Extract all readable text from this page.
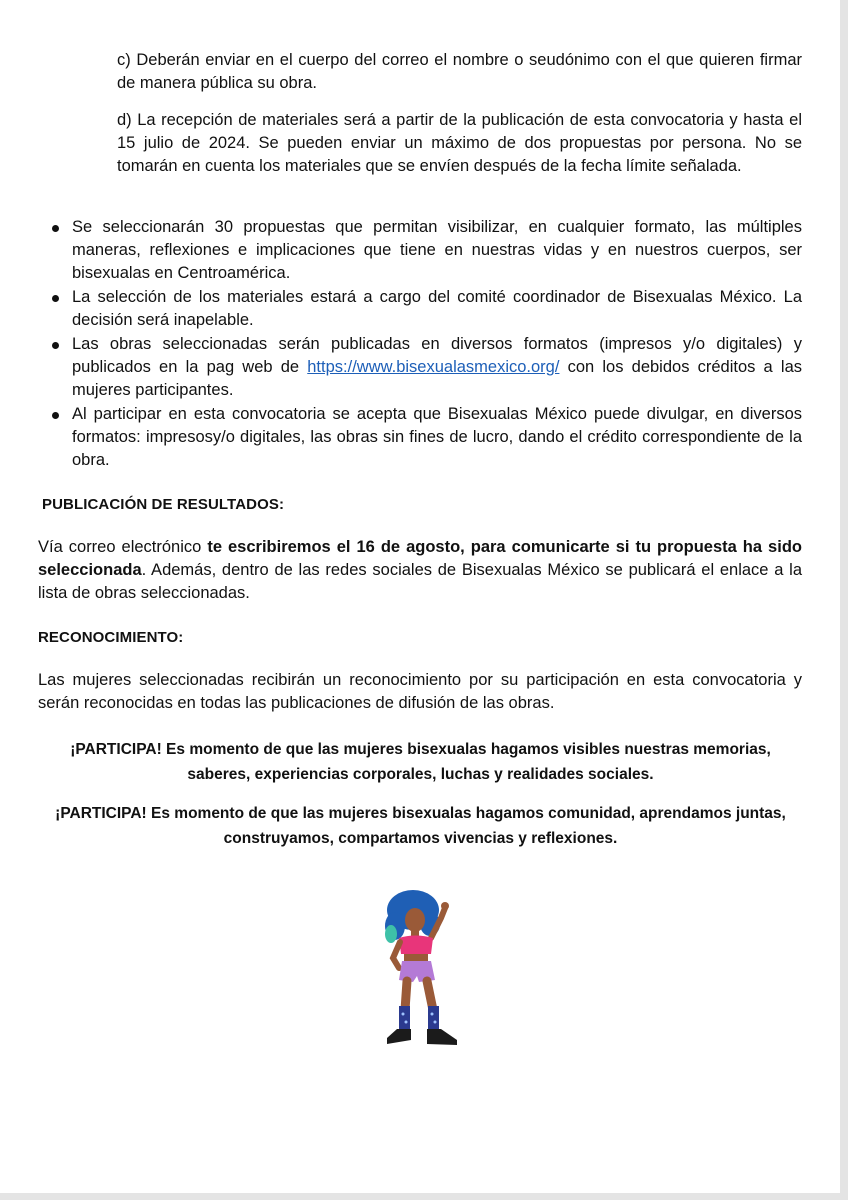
c) Deberán enviar en el cuerpo del correo el nombre o seudónimo con el que quieren firmar de manera pública su obra.

d) La recepción de materiales será a partir de la publicación de esta convocatoria y hasta el 15 julio de 2024. Se pueden enviar un máximo de dos propuestas por persona. No se tomarán en cuenta los materiales que se envíen después de la fecha límite señalada.

Se seleccionarán 30 propuestas que permitan visibilizar, en cualquier formato, las múltiples maneras, reflexiones e implicaciones que tiene en nuestras vidas y en nuestros cuerpos, ser bisexualas en Centroamérica.
La selección de los materiales estará a cargo del comité coordinador de Bisexualas México. La decisión será inapelable.
Las obras seleccionadas serán publicadas en diversos formatos (impresos y/o digitales) y publicados en la pag web de https://www.bisexualasmexico.org/ con los debidos créditos a las mujeres participantes.
Al participar en esta convocatoria se acepta que Bisexualas México puede divulgar, en diversos formatos: impresosy/o digitales, las obras sin fines de lucro, dando el crédito correspondiente de la obra.

PUBLICACIÓN DE RESULTADOS:

Vía correo electrónico te escribiremos el 16 de agosto, para comunicarte si tu propuesta ha sido seleccionada. Además, dentro de las redes sociales de Bisexualas México se publicará el enlace a la lista de obras seleccionadas.

RECONOCIMIENTO:

Las mujeres seleccionadas recibirán un reconocimiento por su participación en esta convocatoria y serán reconocidas en todas las publicaciones de difusión de las obras.

¡PARTICIPA! Es momento de que las mujeres bisexualas hagamos visibles nuestras memorias, saberes, experiencias corporales, luchas y realidades sociales.

¡PARTICIPA! Es momento de que las mujeres bisexualas hagamos comunidad, aprendamos juntas, construyamos, compartamos vivencias y reflexiones.
